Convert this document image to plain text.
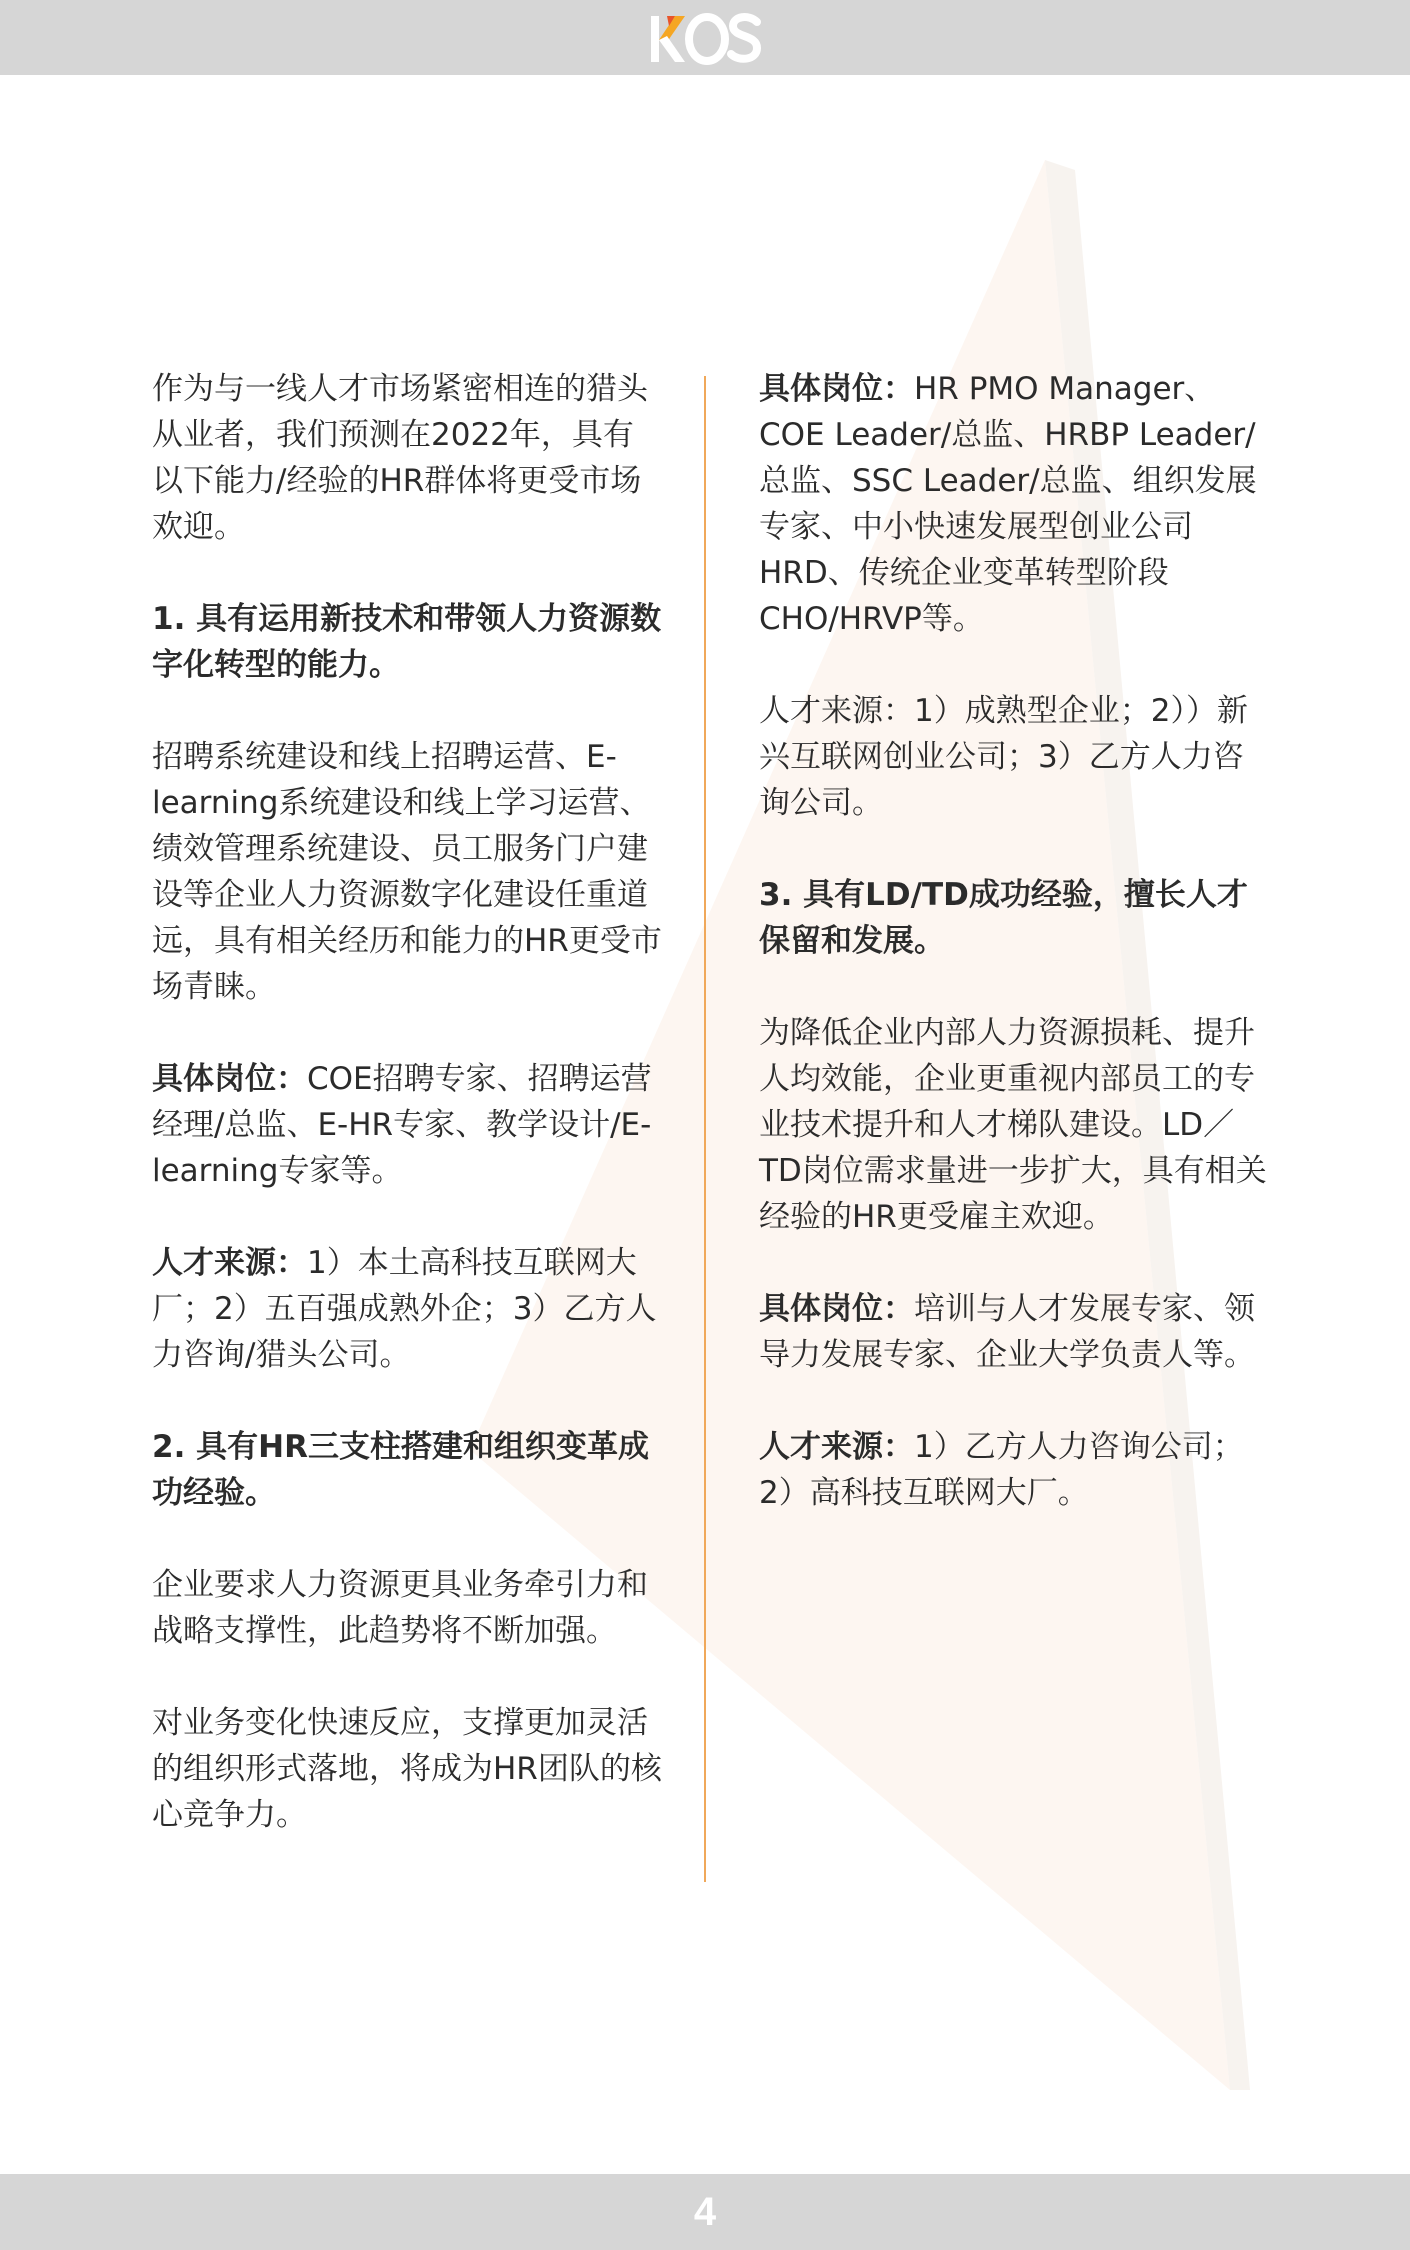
作为与一线人才市场紧密相连的猎头从业者，我们预测在2022年，具有以下能力/经验的HR群体将更受市场欢迎。

1. 具有运用新技术和带领人力资源数字化转型的能力。

招聘系统建设和线上招聘运营、E-learning系统建设和线上学习运营、绩效管理系统建设、员工服务门户建设等企业人力资源数字化建设任重道远，具有相关经历和能力的HR更受市场青睐。

具体岗位：COE招聘专家、招聘运营经理/总监、E-HR专家、教学设计/E-learning专家等。

人才来源：1）本土高科技互联网大厂；2）五百强成熟外企；3）乙方人力咨询/猎头公司。

2. 具有HR三支柱搭建和组织变革成功经验。

企业要求人力资源更具业务牵引力和战略支撑性，此趋势将不断加强。

对业务变化快速反应，支撑更加灵活的组织形式落地，将成为HR团队的核心竞争力。

具体岗位：HR PMO Manager、COE Leader/总监、HRBP Leader/总监、SSC Leader/总监、组织发展专家、中小快速发展型创业公司HRD、传统企业变革转型阶段CHO/HRVP等。

人才来源：1）成熟型企业；2））新兴互联网创业公司；3）乙方人力咨询公司。

3. 具有LD/TD成功经验，擅长人才保留和发展。

为降低企业内部人力资源损耗、提升人均效能，企业更重视内部员工的专业技术提升和人才梯队建设。LD／TD岗位需求量进一步扩大，具有相关经验的HR更受雇主欢迎。

具体岗位：培训与人才发展专家、领导力发展专家、企业大学负责人等。

人才来源：1）乙方人力咨询公司；2）高科技互联网大厂。

4
